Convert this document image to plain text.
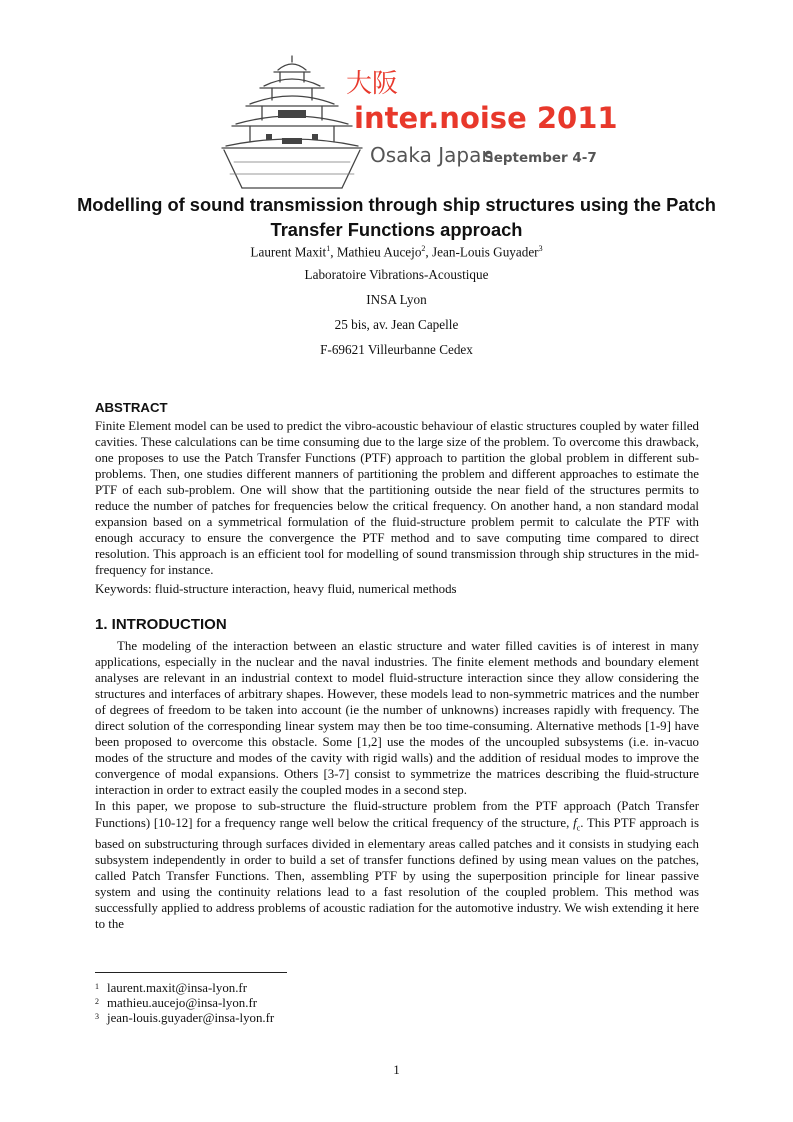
大阪
inter.noise 2011
Osaka Japan
September 4-7
Modelling of sound transmission through ship structures using the Patch Transfer Functions approach
Laurent Maxit$^1$, Mathieu Aucejo$^2$, Jean-Louis Guyader$^3$
Laboratoire Vibrations-Acoustique
INSA Lyon
25 bis, av. Jean Capelle
F-69621 Villeurbanne Cedex
ABSTRACT
Finite Element model can be used to predict the vibro-acoustic behaviour of elastic structures coupled by water filled cavities. These calculations can be time consuming due to the large size of the problem. To overcome this drawback, one proposes to use the Patch Transfer Functions (PTF) approach to partition the global problem in different sub-problems. Then, one studies different manners of partitioning the problem and different approaches to estimate the PTF of each sub-problem. One will show that the partitioning outside the near field of the structures permits to reduce the number of patches for frequencies below the critical frequency. On another hand, a non standard modal expansion based on a symmetrical formulation of the fluid-structure problem permit to calculate the PTF with enough accuracy to ensure the convergence the PTF method and to save computing time compared to direct resolution. This approach is an efficient tool for modelling of sound transmission through ship structures in the mid-frequency for instance.
Keywords: fluid-structure interaction, heavy fluid, numerical methods
1. INTRODUCTION

The modeling of the interaction between an elastic structure and water filled cavities is of interest in many applications, especially in the nuclear and the naval industries. The finite element methods and boundary element analyses are relevant in an industrial context to model fluid-structure interaction since they allow considering the structures and interfaces of arbitrary shapes. However, these models lead to non-symmetric matrices and the number of degrees of freedom to be taken into account (ie the number of unknowns) increases rapidly with frequency. The direct solution of the corresponding linear system may then be too time-consuming. Alternative methods [1-9] have been proposed to overcome this obstacle. Some [1,2] use the modes of the uncoupled subsystems (i.e. in-vacuo modes of the structure and modes of the cavity with rigid walls) and the addition of residual modes to improve the convergence of modal expansions. Others [3-7] consist to symmetrize the matrices describing the fluid-structure interaction in order to extract easily the coupled modes in a second step.

In this paper, we propose to sub-structure the fluid-structure problem from the PTF approach (Patch Transfer Functions) [10-12] for a frequency range well below the critical frequency of the structure, $f_c$. This PTF approach is based on substructuring through surfaces divided in elementary areas called patches and it consists in studying each subsystem independently in order to build a set of transfer functions defined by using mean values on the patches, called Patch Transfer Functions. Then, assembling PTF by using the superposition principle for linear passive system and using the continuity relations lead to a fast resolution of the coupled problem. This method was successfully applied to address problems of acoustic radiation for the automotive industry. We wish extending it here to the

1 laurent.maxit@insa-lyon.fr
2 mathieu.aucejo@insa-lyon.fr
3 jean-louis.guyader@insa-lyon.fr
1
